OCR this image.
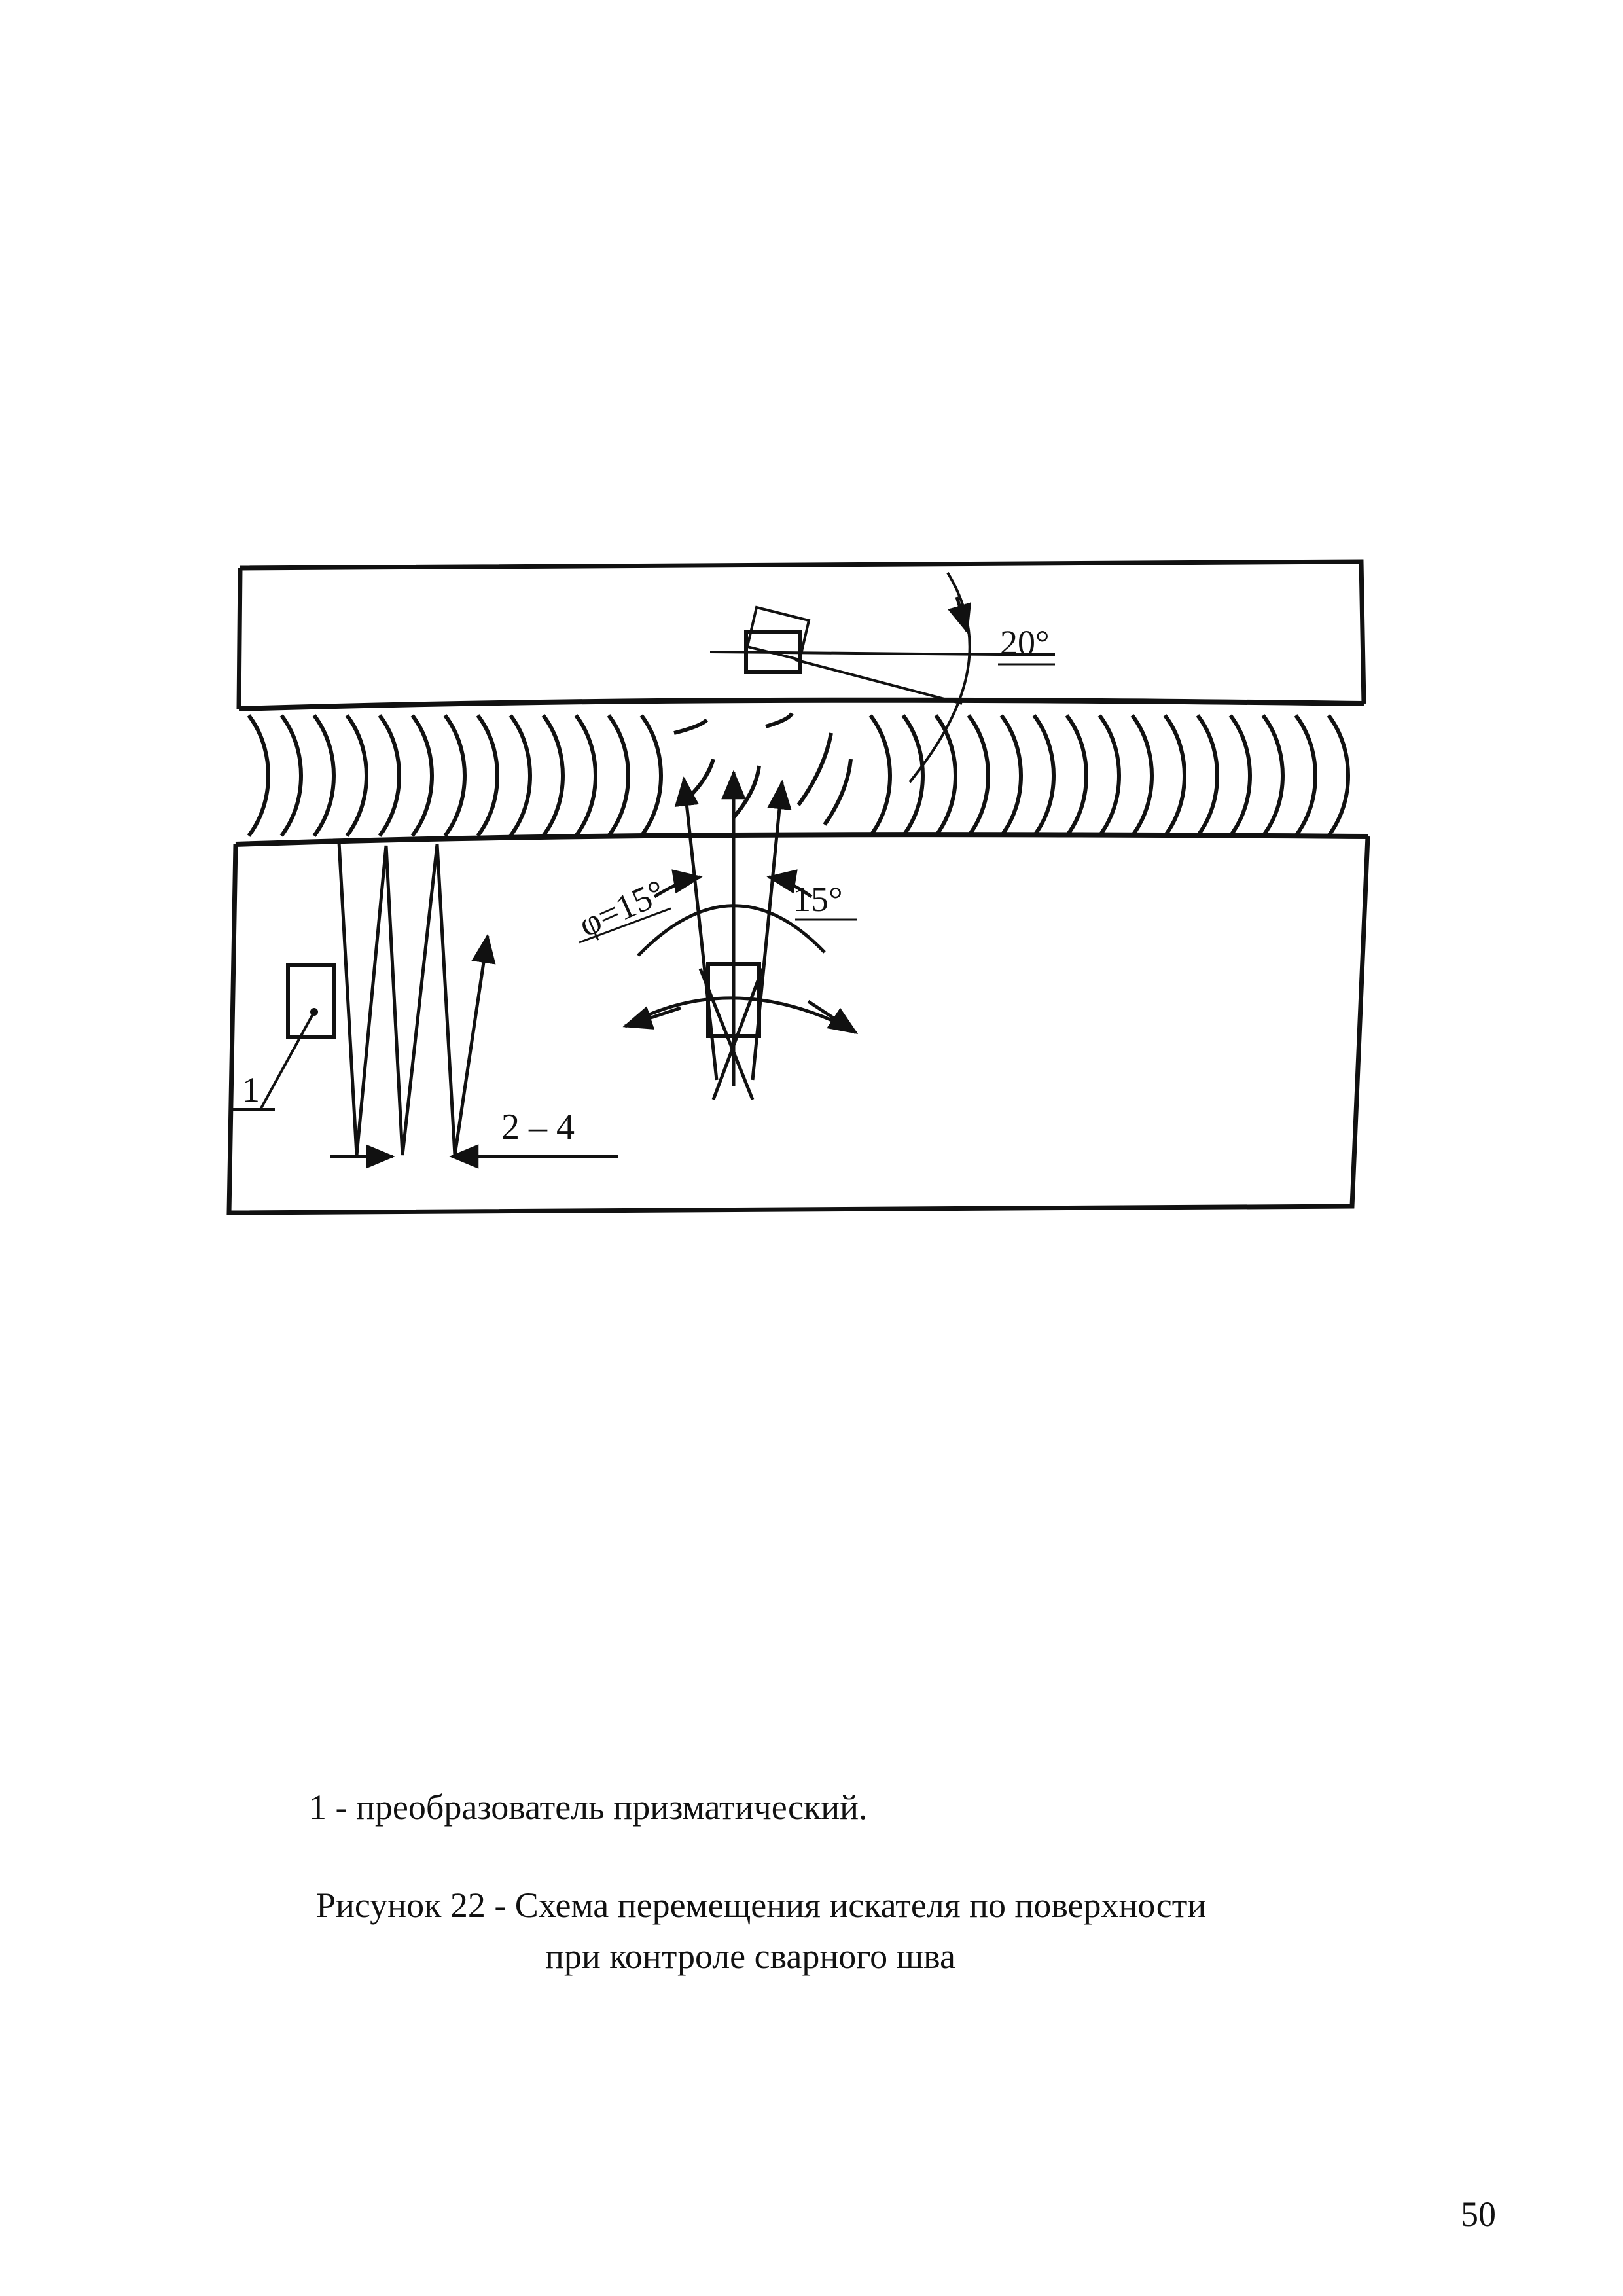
1
2 – 4
20°
φ=15°	15°
1 - преобразователь призматический.
Рисунок 22 - Схема перемещения искателя по поверхности
при контроле сварного шва
50
